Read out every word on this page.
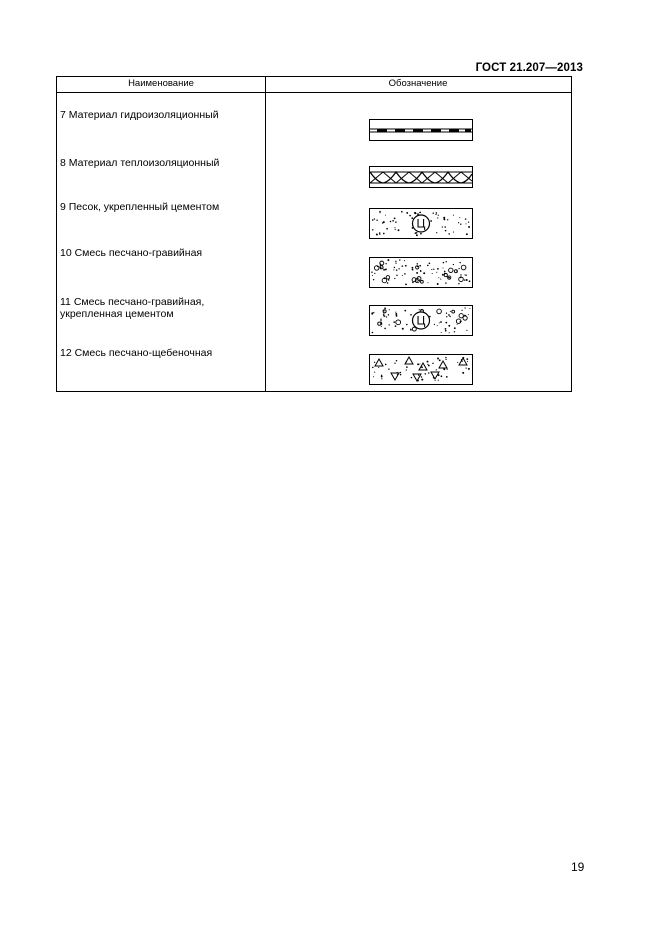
ГОСТ 21.207—2013
Наименование	Обозначение
7 Материал гидроизоляционный
8 Материал теплоизоляционный
9 Песок, укрепленный цементом
Ц
10 Смесь песчано-гравийная
11 Смесь песчано-гравийная, укрепленная цементом	Ц
12 Смесь песчано-щебеночная
19
